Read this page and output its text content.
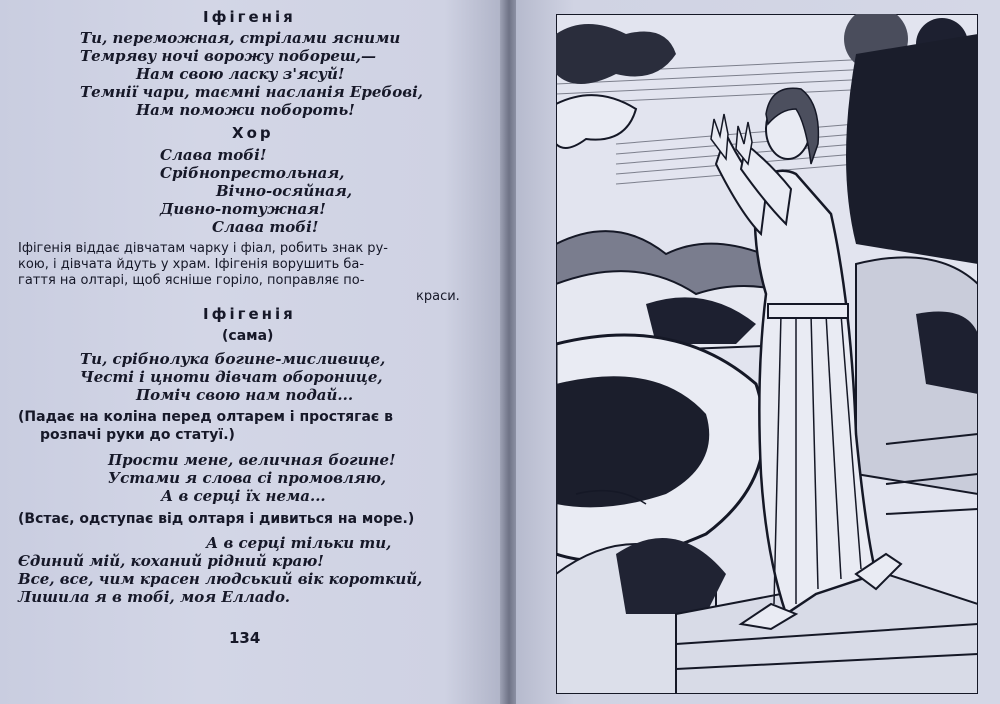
Іфігенія
Ти, переможная, стрілами ясними
Темряву ночі ворожу побореш,—
Нам свою ласку з'ясуй!
Темнії чари, таємні насланія Еребові,
Нам поможи побороть!
Хор
Слава тобі!
Срібнопрестольная,
Вічно-осяйная,
Дивно-потужная!
Слава тобі!
Іфігенія віддає дівчатам чарку і фіал, робить знак ру-
кою, і дівчата йдуть у храм. Іфігенія ворушить ба-
гаття на олтарі, щоб ясніше горіло, поправляє по-
краси.
Іфігенія
(сама)
Ти, срібнолука богине-мисливице,
Честі і цноти дівчат оборонице,
Поміч свою нам подай...
(Падає на коліна перед олтарем і простягає в
розпачі руки до статуї.)
Прости мене, величная богине!
Устами я слова сі промовляю,
А в серці їх нема...
(Встає, одступає від олтаря і дивиться на море.)
А в серці тільки ти,
Єдиний мій, коханий рідний краю!
Все, все, чим красен людський вік короткий,
Лишила я в тобі, моя Еллado.
134
